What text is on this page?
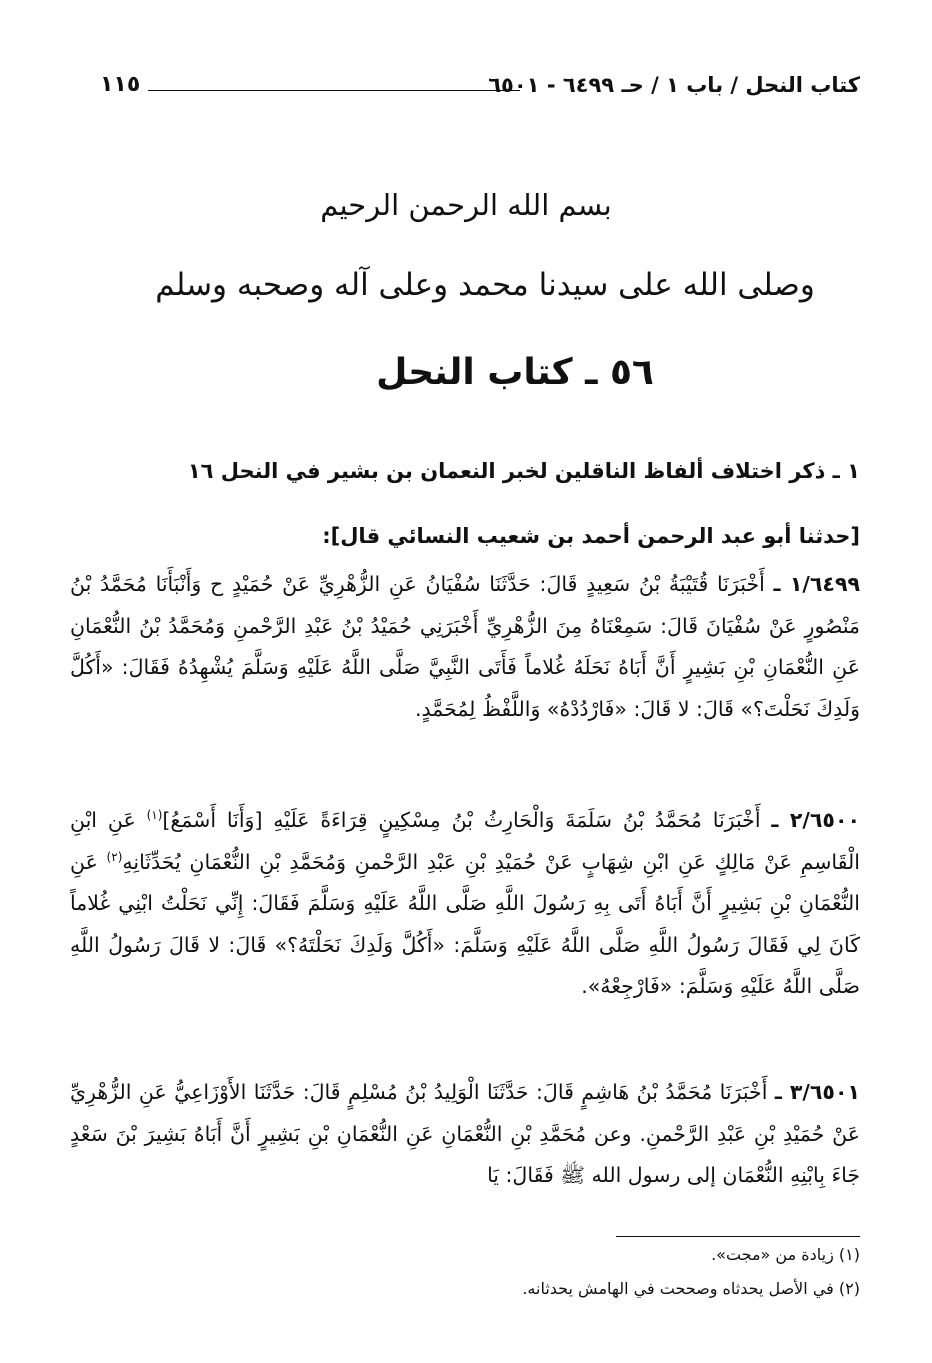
١١٥	كتاب النحل / باب ١ / حـ ٦٤٩٩ - ٦٥٠١
بسم الله الرحمن الرحيم
وصلى الله على سيدنا محمد وعلى آله وصحبه وسلم
٥٦ ـ كتاب النحل
١ ـ ذكر اختلاف ألفاظ الناقلين لخبر النعمان بن بشير في النحل ١٦
[حدثنا أبو عبد الرحمن أحمد بن شعيب النسائي قال]:
١/٦٤٩٩ ـ أَخْبَرَنَا قُتَيْبَةُ بْنُ سَعِيدٍ قَالَ: حَدَّثَنَا سُفْيَانُ عَنِ الزُّهْرِيِّ عَنْ حُمَيْدٍ ح وَأَنْبَأَنَا مُحَمَّدُ بْنُ مَنْصُورٍ عَنْ سُفْيَانَ قَالَ: سَمِعْنَاهُ مِنَ الزُّهْرِيِّ أَخْبَرَنِي حُمَيْدُ بْنُ عَبْدِ الرَّحْمنِ وَمُحَمَّدُ بْنُ النُّعْمَانِ عَنِ النُّعْمَانِ بْنِ بَشِيرٍ أَنَّ أَبَاهُ نَحَلَهُ غُلاماً فَأَتَى النَّبِيَّ صَلَّى اللَّهُ عَلَيْهِ وَسَلَّمَ يُشْهِدُهُ فَقَالَ: «أَكُلَّ وَلَدِكَ نَحَلْتَ؟» قَالَ: لا قَالَ: «فَارْدُدْهُ» وَاللَّفْظُ لِمُحَمَّدٍ.
٢/٦٥٠٠ ـ أَخْبَرَنَا مُحَمَّدُ بْنُ سَلَمَةَ وَالْحَارِثُ بْنُ مِسْكِينٍ قِرَاءَةً عَلَيْهِ [وَأَنَا أَسْمَعُ]$^{(١)}$ عَنِ ابْنِ الْقَاسِمِ عَنْ مَالِكٍ عَنِ ابْنِ شِهَابٍ عَنْ حُمَيْدِ بْنِ عَبْدِ الرَّحْمنِ وَمُحَمَّدِ بْنِ النُّعْمَانِ يُحَدِّثَانِهِ$^{(٢)}$ عَنِ النُّعْمَانِ بْنِ بَشِيرٍ أَنَّ أَبَاهُ أَتَى بِهِ رَسُولَ اللَّهِ صَلَّى اللَّهُ عَلَيْهِ وَسَلَّمَ فَقَالَ: إِنِّي نَحَلْتُ ابْنِي غُلاماً كَانَ لِي فَقَالَ رَسُولُ اللَّهِ صَلَّى اللَّهُ عَلَيْهِ وَسَلَّمَ: «أَكُلَّ وَلَدِكَ نَحَلْتَهُ؟» قَالَ: لا قَالَ رَسُولُ اللَّهِ صَلَّى اللَّهُ عَلَيْهِ وَسَلَّمَ: «فَارْجِعْهُ».
٣/٦٥٠١ ـ أَخْبَرَنَا مُحَمَّدُ بْنُ هَاشِمٍ قَالَ: حَدَّثَنَا الْوَلِيدُ بْنُ مُسْلِمٍ قَالَ: حَدَّثَنَا الأَوْزَاعِيُّ عَنِ الزُّهْرِيِّ عَنْ حُمَيْدِ بْنِ عَبْدِ الرَّحْمنِ. وعن مُحَمَّدِ بْنِ النُّعْمَانِ عَنِ النُّعْمَانِ بْنِ بَشِيرٍ أَنَّ أَبَاهُ بَشِيرَ بْنَ سَعْدٍ جَاءَ بِابْنِهِ النُّعْمَان إلى رسول الله ﷺ فَقَالَ: يَا
(١) زيادة من «مجت».
(٢) في الأصل يحدثاه وصححت في الهامش يحدثانه.
